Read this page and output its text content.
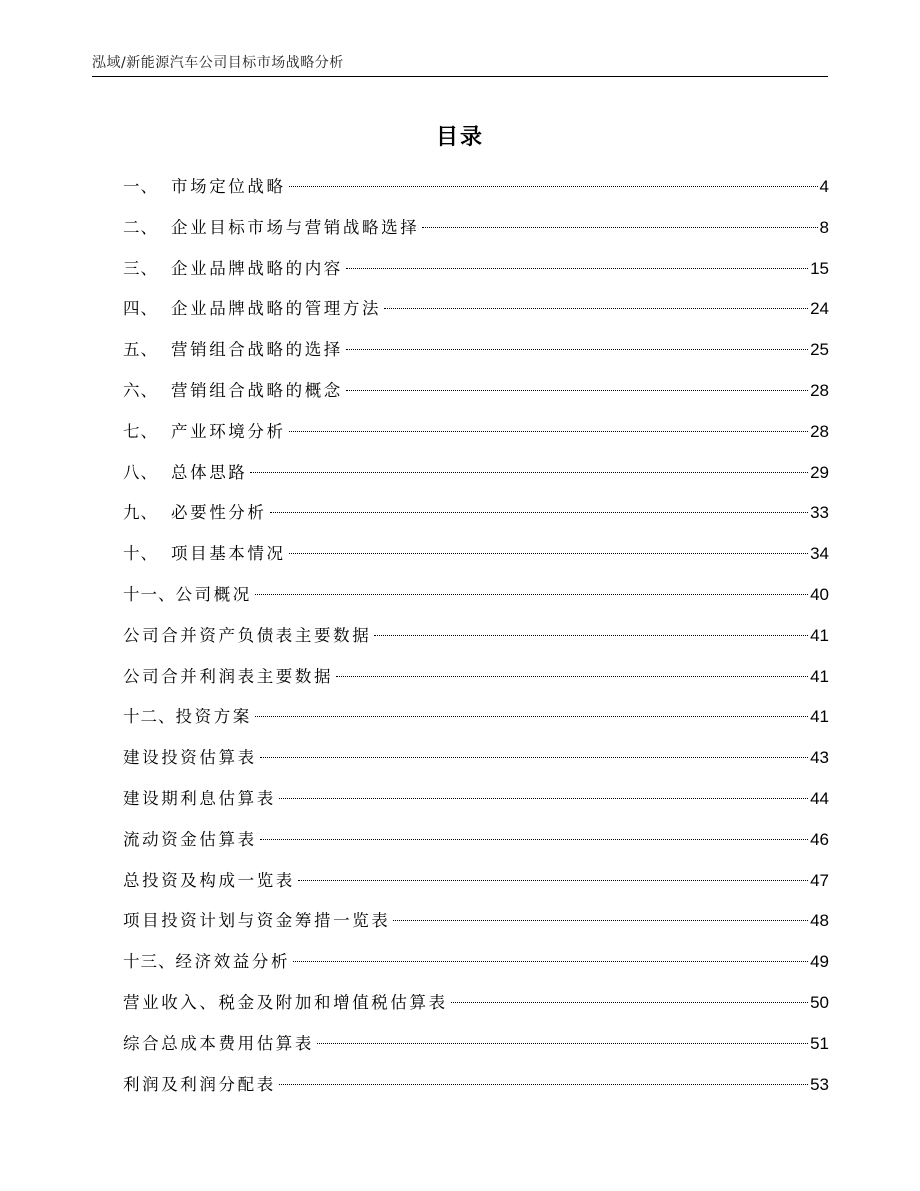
泓域/新能源汽车公司目标市场战略分析
目录
一、 市场定位战略	4
二、 企业目标市场与营销战略选择	8
三、 企业品牌战略的内容	15
四、 企业品牌战略的管理方法	24
五、 营销组合战略的选择	25
六、 营销组合战略的概念	28
七、 产业环境分析	28
八、 总体思路	29
九、 必要性分析	33
十、 项目基本情况	34
十一、 公司概况	40
公司合并资产负债表主要数据	41
公司合并利润表主要数据	41
十二、 投资方案	41
建设投资估算表	43
建设期利息估算表	44
流动资金估算表	46
总投资及构成一览表	47
项目投资计划与资金筹措一览表	48
十三、 经济效益分析	49
营业收入、税金及附加和增值税估算表	50
综合总成本费用估算表	51
利润及利润分配表	53
